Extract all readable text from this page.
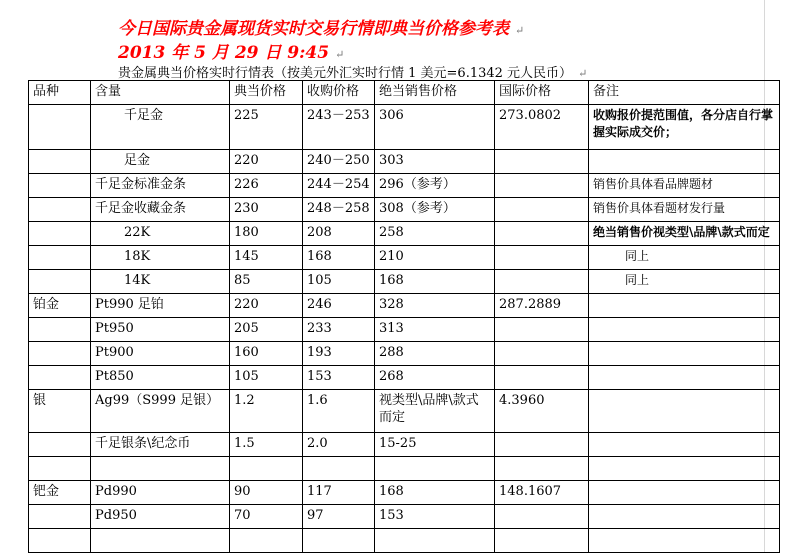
今日国际贵金属现货实时交易行情即典当价格参考表 ↵
2013 年 5 月 29 日 9:45 ↵
贵金属典当价格实时行情表（按美元外汇实时行情 1 美元=6.1342 元人民币） ↵
品种	含量	典当价格	收购价格	绝当销售价格	国际价格	备注
	千足金	225	243－253	306	273.0802	收购报价提范围值，各分店自行掌握实际成交价；
	足金	220	240－250	303		
	千足金标准金条	226	244－254	296（参考）		销售价具体看品牌题材
	千足金收藏金条	230	248－258	308（参考）		销售价具体看题材发行量
	22K	180	208	258		绝当销售价视类型\品牌\款式而定
	18K	145	168	210		同上
	14K	85	105	168		同上
铂金	Pt990 足铂	220	246	328	287.2889	
	Pt950	205	233	313		
	Pt900	160	193	288		
	Pt850	105	153	268		
银	Ag99（S999 足银）	1.2	1.6	视类型\品牌\款式而定	4.3960	
	千足银条\纪念币	1.5	2.0	15-25		

钯金	Pd990	90	117	168	148.1607	
	Pd950	70	97	153		
